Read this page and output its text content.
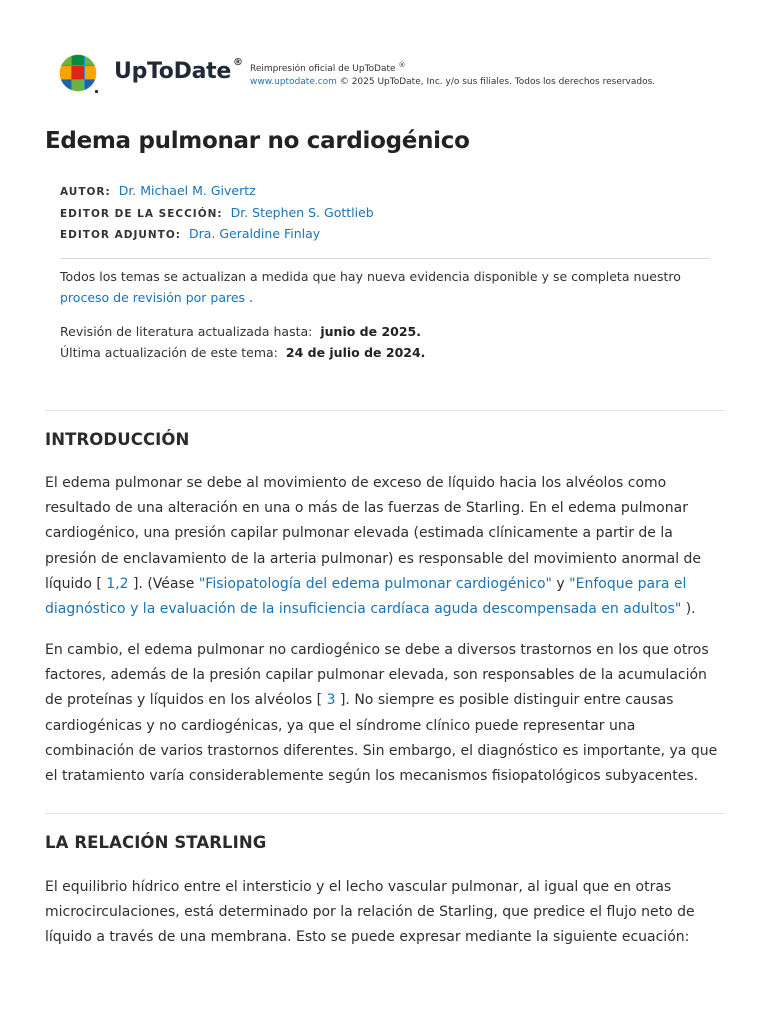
UpToDate ®
Reimpresión oficial de UpToDate ®
www.uptodate.com © 2025 UpToDate, Inc. y/o sus filiales. Todos los derechos reservados.
Edema pulmonar no cardiogénico
AUTOR: Dr. Michael M. Givertz
EDITOR DE LA SECCIÓN: Dr. Stephen S. Gottlieb
EDITOR ADJUNTO: Dra. Geraldine Finlay
Todos los temas se actualizan a medida que hay nueva evidencia disponible y se completa nuestro
proceso de revisión por pares .
Revisión de literatura actualizada hasta: junio de 2025.
Última actualización de este tema: 24 de julio de 2024.
INTRODUCCIÓN

El edema pulmonar se debe al movimiento de exceso de líquido hacia los alvéolos como resultado de una alteración en una o más de las fuerzas de Starling. En el edema pulmonar cardiogénico, una presión capilar pulmonar elevada (estimada clínicamente a partir de la presión de enclavamiento de la arteria pulmonar) es responsable del movimiento anormal de líquido [ 1,2 ]. (Véase "Fisiopatología del edema pulmonar cardiogénico" y "Enfoque para el diagnóstico y la evaluación de la insuficiencia cardíaca aguda descompensada en adultos" ).

En cambio, el edema pulmonar no cardiogénico se debe a diversos trastornos en los que otros factores, además de la presión capilar pulmonar elevada, son responsables de la acumulación de proteínas y líquidos en los alvéolos [ 3 ]. No siempre es posible distinguir entre causas cardiogénicas y no cardiogénicas, ya que el síndrome clínico puede representar una combinación de varios trastornos diferentes. Sin embargo, el diagnóstico es importante, ya que el tratamiento varía considerablemente según los mecanismos fisiopatológicos subyacentes.

LA RELACIÓN STARLING

El equilibrio hídrico entre el intersticio y el lecho vascular pulmonar, al igual que en otras microcirculaciones, está determinado por la relación de Starling, que predice el flujo neto de líquido a través de una membrana. Esto se puede expresar mediante la siguiente ecuación:
